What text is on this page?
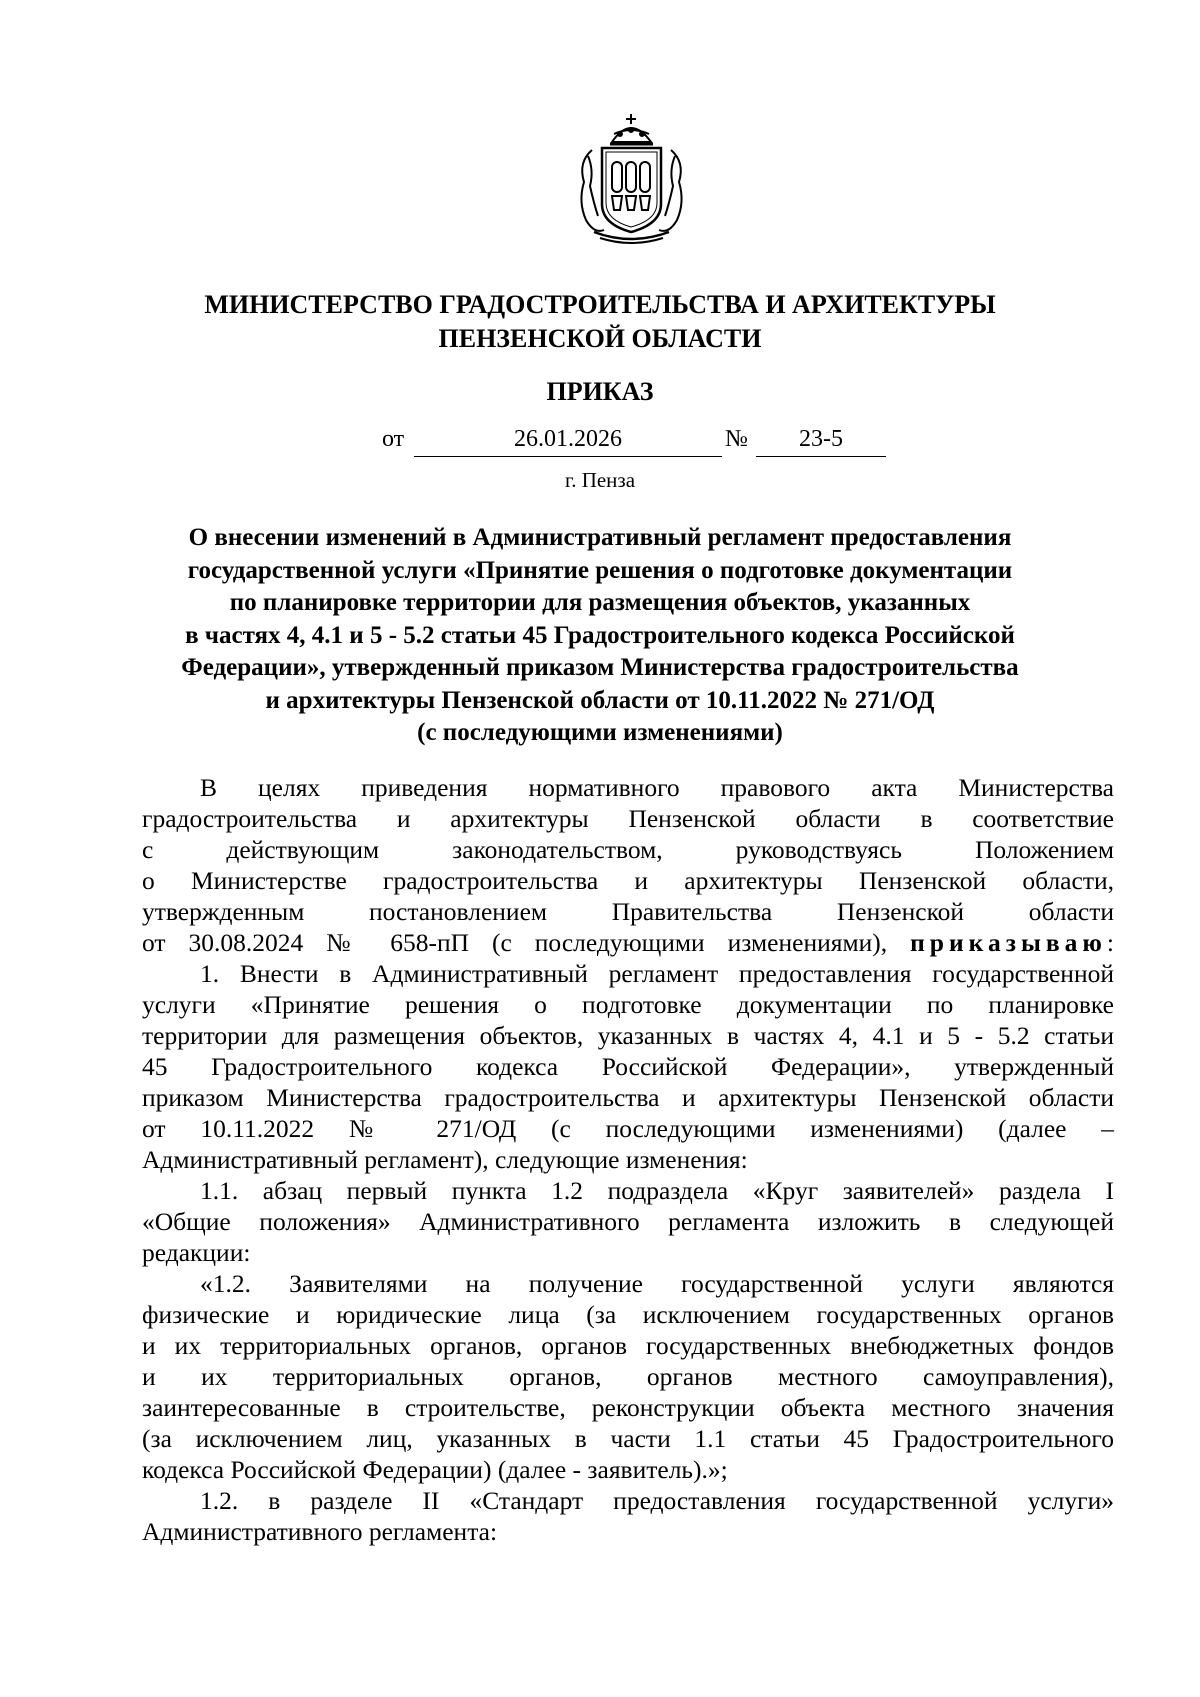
МИНИСТЕРСТВО ГРАДОСТРОИТЕЛЬСТВА И АРХИТЕКТУРЫ
ПЕНЗЕНСКОЙ ОБЛАСТИ
ПРИКАЗ
от	26.01.2026	№	23-5
г. Пенза
О внесении изменений в Административный регламент предоставления
государственной услуги «Принятие решения о подготовке документации
по планировке территории для размещения объектов, указанных
в частях 4, 4.1 и 5 - 5.2 статьи 45 Градостроительного кодекса Российской
Федерации», утвержденный приказом Министерства градостроительства
и архитектуры Пензенской области от 10.11.2022 № 271/ОД
(с последующими изменениями)
В целях приведения нормативного правового акта Министерства
градостроительства и архитектуры Пензенской области в соответствие
с действующим законодательством, руководствуясь Положением
о Министерстве градостроительства и архитектуры Пензенской области,
утвержденным постановлением Правительства Пензенской области
от 30.08.2024 № 658-пП (с последующими изменениями), приказываю:
1. Внести в Административный регламент предоставления государственной
услуги «Принятие решения о подготовке документации по планировке
территории для размещения объектов, указанных в частях 4, 4.1 и 5 - 5.2 статьи
45 Градостроительного кодекса Российской Федерации», утвержденный
приказом Министерства градостроительства и архитектуры Пензенской области
от 10.11.2022 № 271/ОД (с последующими изменениями) (далее –
Административный регламент), следующие изменения:
1.1. абзац первый пункта 1.2 подраздела «Круг заявителей» раздела I
«Общие положения» Административного регламента изложить в следующей
редакции:
«1.2. Заявителями на получение государственной услуги являются
физические и юридические лица (за исключением государственных органов
и их территориальных органов, органов государственных внебюджетных фондов
и их территориальных органов, органов местного самоуправления),
заинтересованные в строительстве, реконструкции объекта местного значения
(за исключением лиц, указанных в части 1.1 статьи 45 Градостроительного
кодекса Российской Федерации) (далее - заявитель).»;
1.2. в разделе II «Стандарт предоставления государственной услуги»
Административного регламента:
